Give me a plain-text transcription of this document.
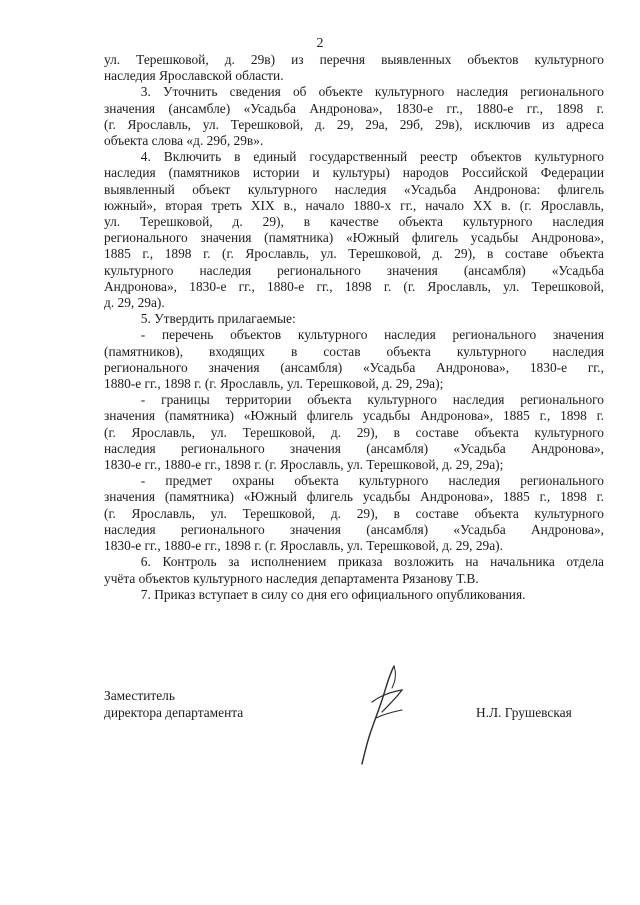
2
ул. Терешковой, д. 29в) из перечня выявленных объектов культурного
наследия Ярославской области.
3. Уточнить сведения об объекте культурного наследия регионального
значения (ансамбле) «Усадьба Андронова», 1830-е гг., 1880-е гг., 1898 г.
(г. Ярославль, ул. Терешковой, д. 29, 29а, 29б, 29в), исключив из адреса
объекта слова «д. 29б, 29в».
4. Включить в единый государственный реестр объектов культурного
наследия (памятников истории и культуры) народов Российской Федерации
выявленный объект культурного наследия «Усадьба Андронова: флигель
южный», вторая треть XIX в., начало 1880-х гг., начало XX в. (г. Ярославль,
ул. Терешковой, д. 29), в качестве объекта культурного наследия
регионального значения (памятника) «Южный флигель усадьбы Андронова»,
1885 г., 1898 г. (г. Ярославль, ул. Терешковой, д. 29), в составе объекта
культурного наследия регионального значения (ансамбля) «Усадьба
Андронова», 1830-е гг., 1880-е гг., 1898 г. (г. Ярославль, ул. Терешковой,
д. 29, 29а).
5. Утвердить прилагаемые:
- перечень объектов культурного наследия регионального значения
(памятников), входящих в состав объекта культурного наследия
регионального значения (ансамбля) «Усадьба Андронова», 1830-е гг.,
1880-е гг., 1898 г. (г. Ярославль, ул. Терешковой, д. 29, 29а);
- границы территории объекта культурного наследия регионального
значения (памятника) «Южный флигель усадьбы Андронова», 1885 г., 1898 г.
(г. Ярославль, ул. Терешковой, д. 29), в составе объекта культурного
наследия регионального значения (ансамбля) «Усадьба Андронова»,
1830-е гг., 1880-е гг., 1898 г. (г. Ярославль, ул. Терешковой, д. 29, 29а);
- предмет охраны объекта культурного наследия регионального
значения (памятника) «Южный флигель усадьбы Андронова», 1885 г., 1898 г.
(г. Ярославль, ул. Терешковой, д. 29), в составе объекта культурного
наследия регионального значения (ансамбля) «Усадьба Андронова»,
1830-е гг., 1880-е гг., 1898 г. (г. Ярославль, ул. Терешковой, д. 29, 29а).
6. Контроль за исполнением приказа возложить на начальника отдела
учёта объектов культурного наследия департамента Рязанову Т.В.
7. Приказ вступает в силу со дня его официального опубликования.
Заместитель
директора департамента	Н.Л. Грушевская
